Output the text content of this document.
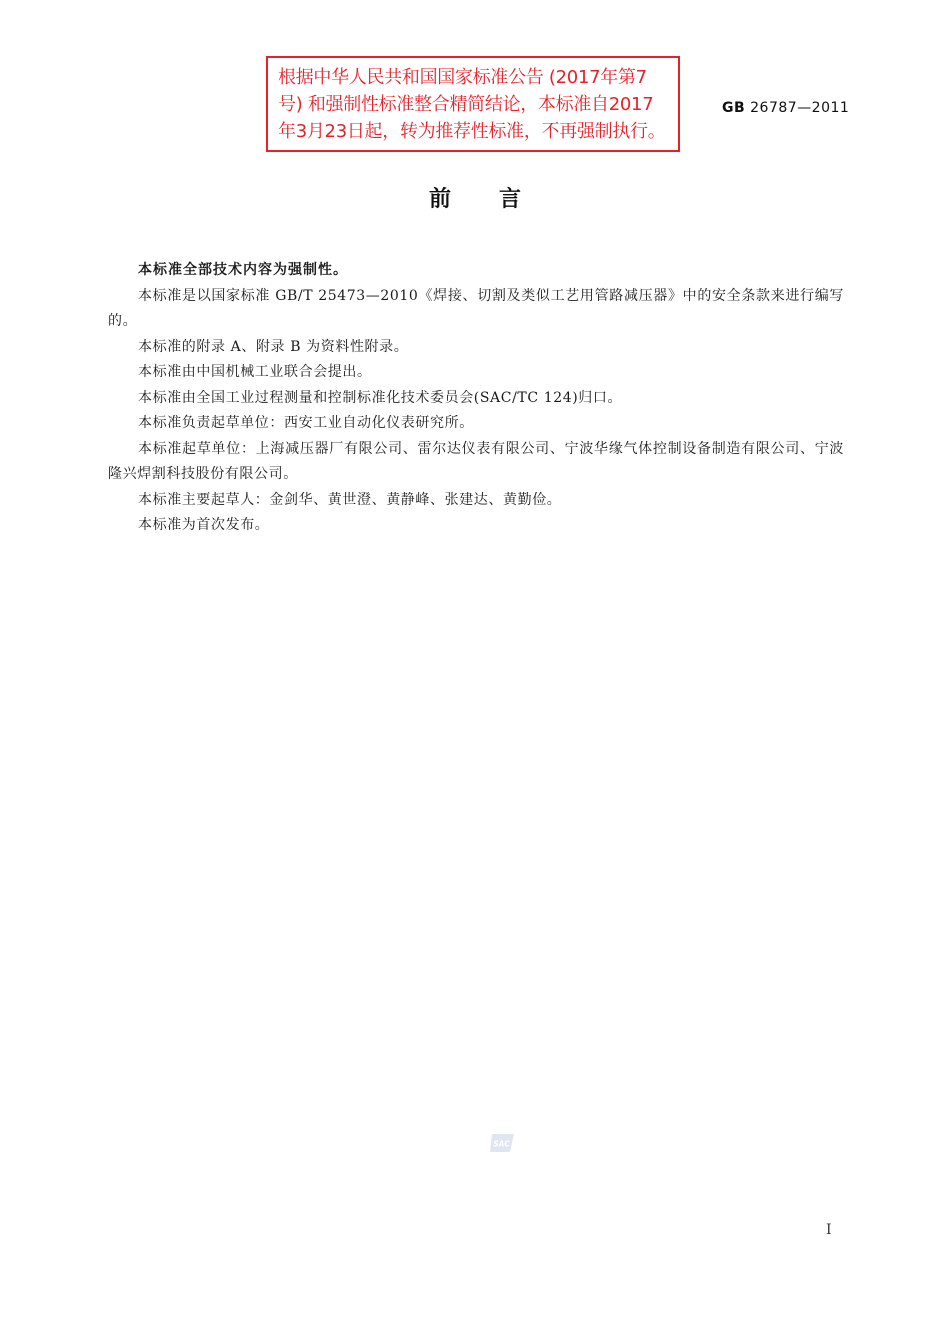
根据中华人民共和国国家标准公告 (2017年第7
号) 和强制性标准整合精简结论，本标准自2017
年3月23日起，转为推荐性标准，不再强制执行。
GB 26787—2011
前言

本标准全部技术内容为强制性。

本标准是以国家标准 GB/T 25473—2010《焊接、切割及类似工艺用管路减压器》中的安全条款来进行编写的。

本标准的附录 A、附录 B 为资料性附录。

本标准由中国机械工业联合会提出。

本标准由全国工业过程测量和控制标准化技术委员会(SAC/TC 124)归口。

本标准负责起草单位：西安工业自动化仪表研究所。

本标准起草单位：上海减压器厂有限公司、雷尔达仪表有限公司、宁波华缘气体控制设备制造有限公司、宁波隆兴焊割科技股份有限公司。

本标准主要起草人：金剑华、黄世澄、黄静峰、张建达、黄勤俭。

本标准为首次发布。

SAC
I
